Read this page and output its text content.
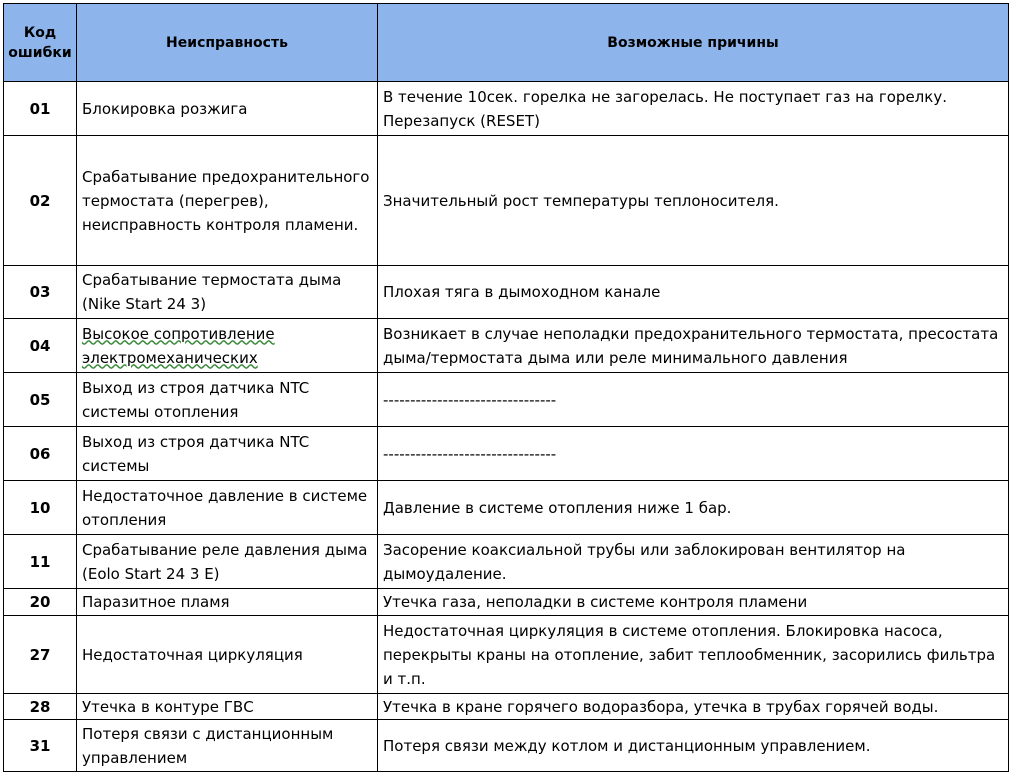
Код
ошибки	Неисправность	Возможные причины
01	Блокировка розжига	В течение 10сек. горелка не загорелась. Не поступает газ на горелку. Перезапуск (RESET)
02	Срабатывание предохранительного термостата (перегрев), неисправность контроля пламени.	Значительный рост температуры теплоносителя.
03	Срабатывание термостата дыма (Nike Start 24 3)	Плохая тяга в дымоходном канале
04	Высокое сопротивление электромеханических	Возникает в случае неполадки предохранительного термостата, пресостата дыма/термостата дыма или реле минимального давления
05	Выход из строя датчика NTC системы отопления	--------------------------------
06	Выход из строя датчика NTC системы	--------------------------------
10	Недостаточное давление в системе отопления	Давление в системе отопления ниже 1 бар.
11	Срабатывание реле давления дыма (Eolo Start 24 3 E)	Засорение коаксиальной трубы или заблокирован вентилятор на дымоудаление.
20	Паразитное пламя	Утечка газа, неполадки в системе контроля пламени
27	Недостаточная циркуляция	Недостаточная циркуляция в системе отопления. Блокировка насоса, перекрыты краны на отопление, забит теплообменник, засорились фильтра и т.п.
28	Утечка в контуре ГВС	Утечка в кране горячего водоразбора, утечка в трубах горячей воды.
31	Потеря связи с дистанционным управлением	Потеря связи между котлом и дистанционным управлением.
